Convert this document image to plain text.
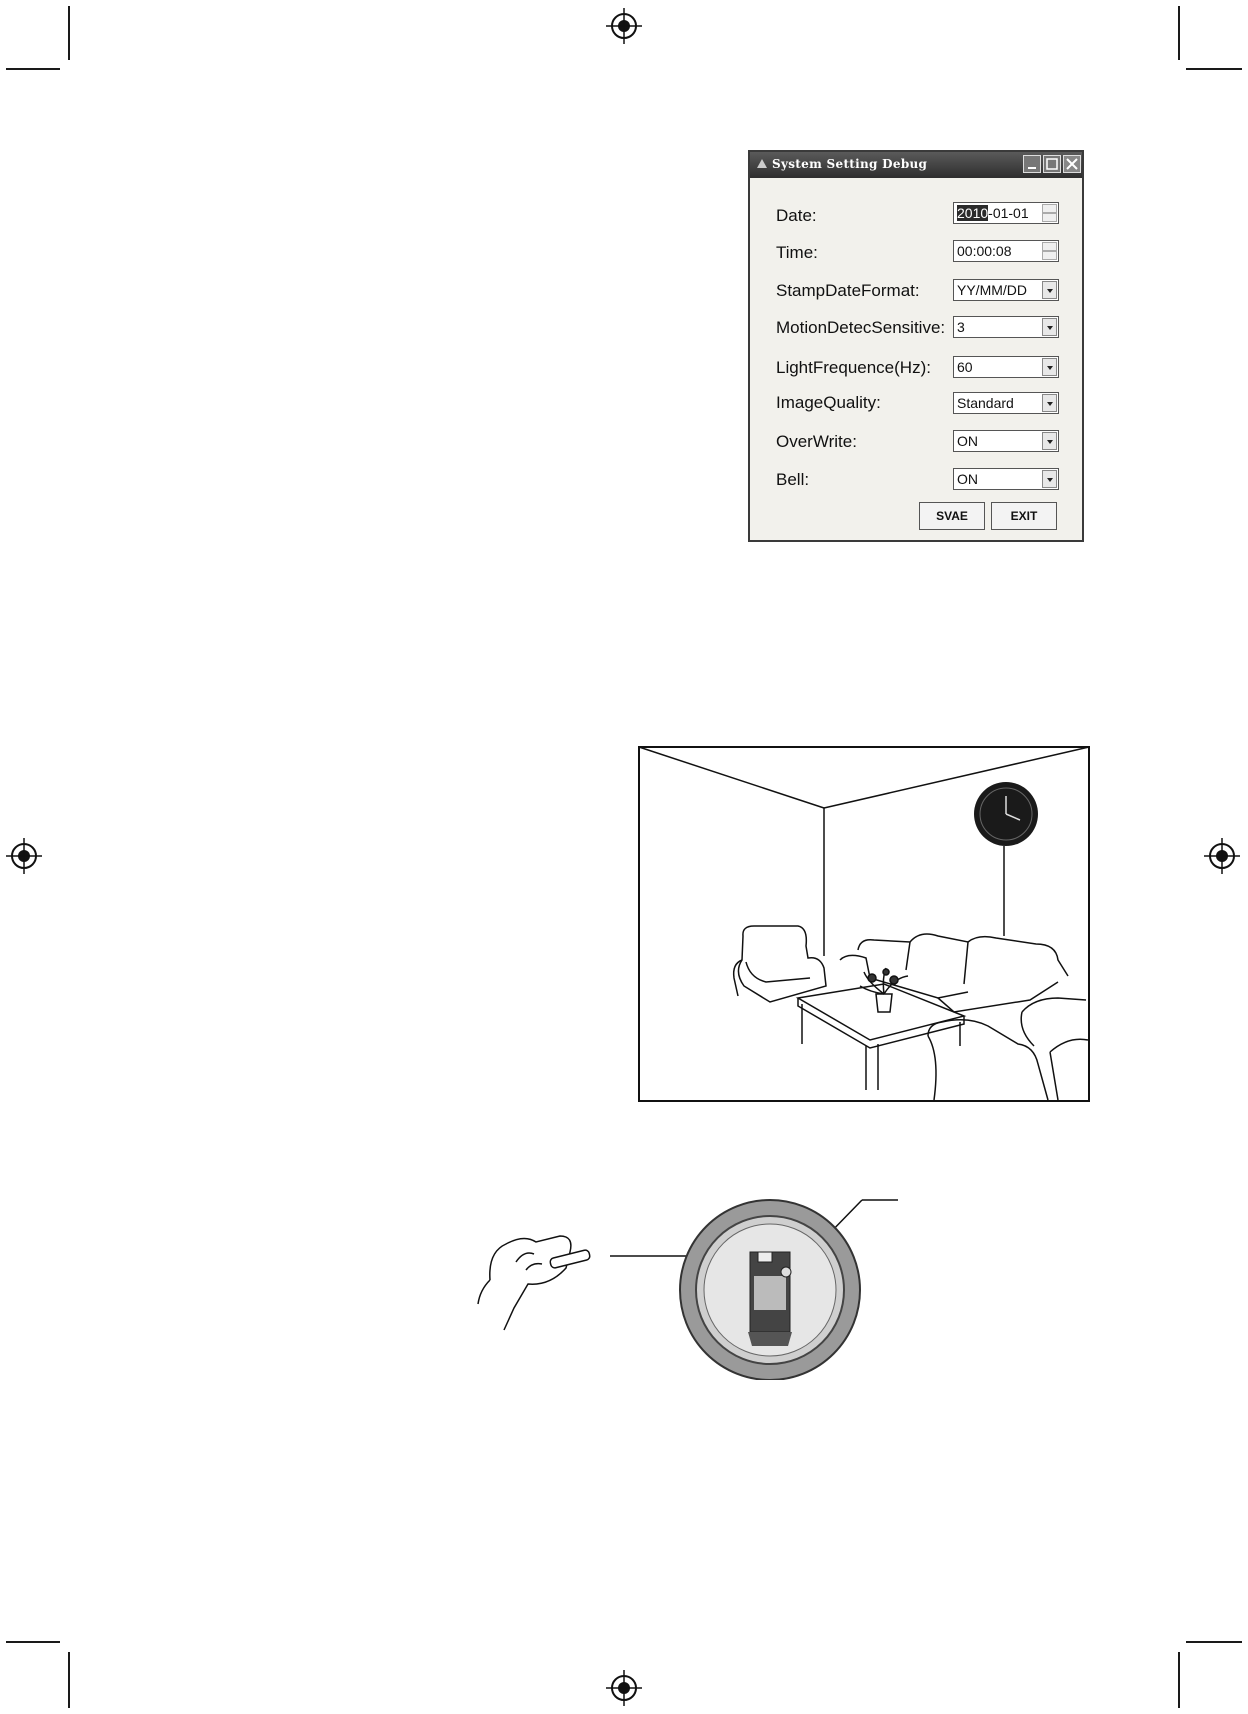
System Setting Debug
Date:	2010-01-01
Time:	00:00:08
StampDateFormat:	YY/MM/DD
MotionDetecSensitive: 3
LightFrequence(Hz): 60
ImageQuality:	Standard
OverWrite:	ON
Bell:	ON
SVAE	EXIT
